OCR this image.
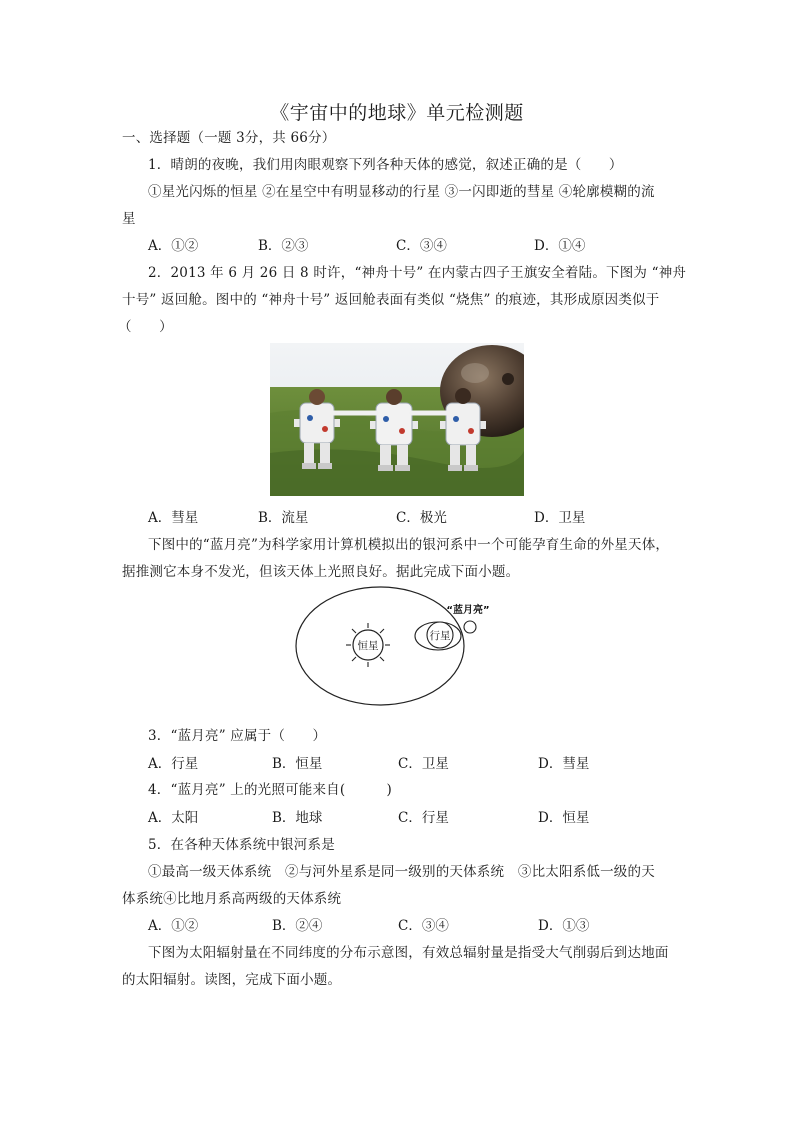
《宇宙中的地球》单元检测题
一、选择题（一题 3分，共 66分）
1．晴朗的夜晚，我们用肉眼观察下列各种天体的感觉，叙述正确的是（　　）
①星光闪烁的恒星 ②在星空中有明显移动的行星 ③一闪即逝的彗星 ④轮廓模糊的流
星
A．①②	B．②③	C．③④	D．①④
2．2013 年 6 月 26 日 8 时许，“神舟十号” 在内蒙古四子王旗安全着陆。下图为 “神舟
十号” 返回舱。图中的 “神舟十号” 返回舱表面有类似 “烧焦” 的痕迹，其形成原因类似于
（　　）
A．彗星	B．流星	C．极光	D．卫星
下图中的“蓝月亮”为科学家用计算机模拟出的银河系中一个可能孕育生命的外星天体，
据推测它本身不发光，但该天体上光照良好。据此完成下面小题。
恒星
行星
“蓝月亮”
3．“蓝月亮” 应属于（　　）
A．行星	B．恒星	C．卫星	D．彗星
4．“蓝月亮” 上的光照可能来自(　　　)
A．太阳	B．地球	C．行星	D．恒星
5．在各种天体系统中银河系是
①最高一级天体系统　②与河外星系是同一级别的天体系统　③比太阳系低一级的天
体系统④比地月系高两级的天体系统
A．①②	B．②④	C．③④	D．①③
下图为太阳辐射量在不同纬度的分布示意图，有效总辐射量是指受大气削弱后到达地面
的太阳辐射。读图，完成下面小题。
